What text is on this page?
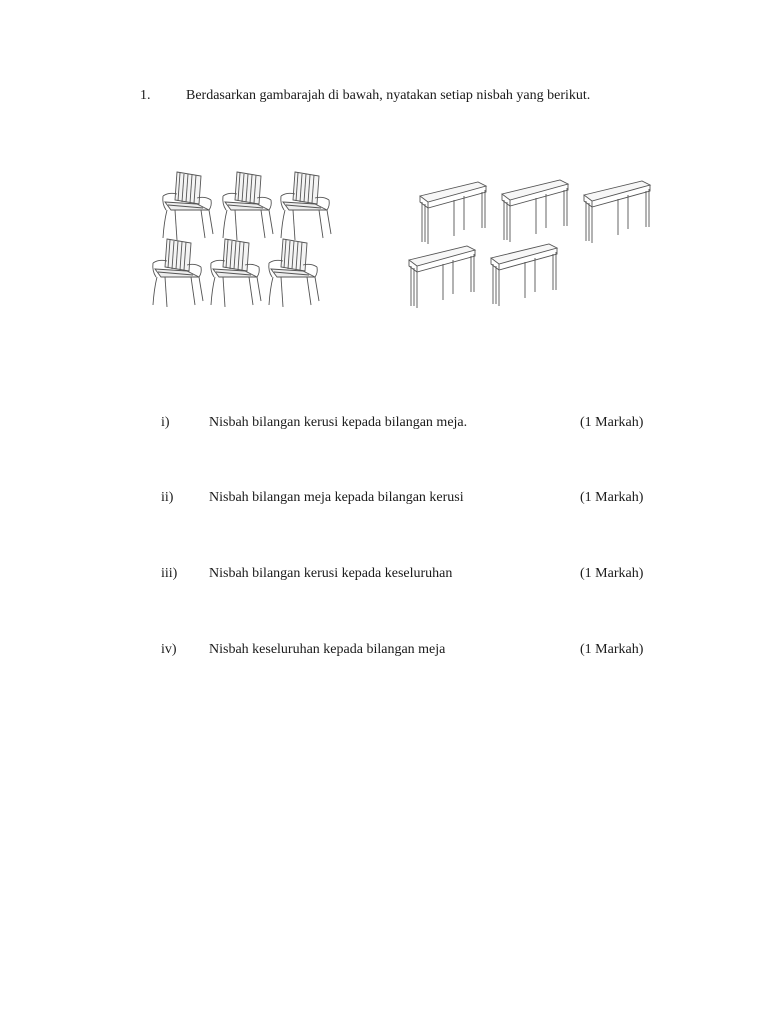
1.	Berdasarkan gambarajah di bawah, nyatakan setiap nisbah yang berikut.
i)	Nisbah bilangan kerusi kepada bilangan meja.	(1 Markah)
ii)	Nisbah bilangan meja kepada bilangan kerusi	(1 Markah)
iii) Nisbah bilangan kerusi kepada keseluruhan	(1 Markah)
iv) Nisbah keseluruhan kepada bilangan meja	(1 Markah)
